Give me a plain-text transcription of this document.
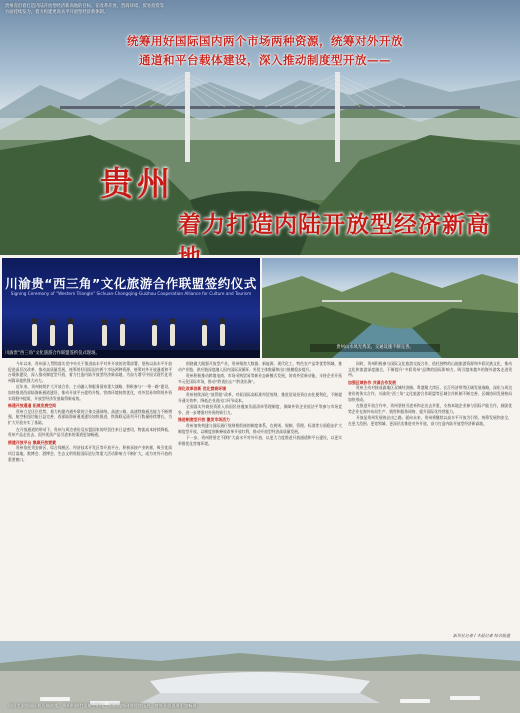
贵州省沿着打造内陆开放型经济新高地的目标，在改革开放、营商环境、贸易投资等方面持续发力，着力构建更高水平开放型经济新体制。
统筹用好国际国内两个市场两种资源，统筹对外开放
通道和平台载体建设，深入推动制度型开放——
贵州
着力打造内陆开放型经济新高
川渝贵“西三角”文化旅游合作联盟签约仪式
Signing Ceremony of “Western Triangle” Sichuan-Chongqing-Guizhou Cooperation Alliance for Culture and Tourism
川渝贵“西三角”文化旅游合作联盟签约仪式现场。
贵州山水风光秀美，交通设施不断完善。

今年以来，贵州深入贯彻落实党中央关于推进高水平对外开放的决策部署，坚持以高水平开放促进深层次改革、推动高质量发展，统筹用好国际国内两个市场两种资源，统筹对外开放通道和平台载体建设，深入推动制度型开放，着力打造内陆开放型经济新高地，为奋力谱写中国式现代化贵州篇章提供强大动力。

近年来，贵州持续扩大开放合作，主动融入和服务国家重大战略，积极参与“一带一路”建设，加快推进西部陆海新通道建设，推动开放平台提档升级，营商环境持续优化，对外贸易和利用外资实现稳中提质，开放型经济发展取得新成效。

畅通开放通道 拓展发展空间

贵州立足区位优势，着力构建内通外联的立体交通网络。高速公路、高速铁路通达能力不断增强，航空枢纽功能日益完善，西部陆海新通道建设加快推进，铁海联运班列开行数量持续增长，为扩大开放夯实了基础。

在开放通道的带动下，贵州与周边省份及东盟国家的经贸往来日益密切，物流成本持续降低，贵州产品走出去、国外优质产品引进来的渠道更加畅通。

搭建开放平台 集聚开放要素

贵州依托贵安新区、综合保税区、经济技术开发区等开放平台，积极承接产业转移，吸引优质项目落地。数博会、酒博会、生态文明贵阳国际论坛等重大活动影响力不断扩大，成为对外开放的重要窗口。

围绕做大做强开放型产业，贵州聚焦大数据、新能源、现代化工、特色农产品等优势领域，推动产业链、供应链深度融入国内国际双循环，外贸主体数量和出口规模稳步提升。

贵州积极推动跨境电商、市场采购贸易等新业态新模式发展，培育外贸新动能，支持企业开拓多元化国际市场，推动“黔货出山”“黔货出海”。

深化改革创新 优化营商环境

贵州持续深化“放管服”改革，对标国际高标准经贸规则，推进贸易投资自由化便利化，不断提升通关效率，降低企业进出口环节成本。

全面落实外商投资准入前国民待遇加负面清单管理制度，保障外资企业依法平等参与市场竞争，进一步增强对外资的吸引力。

推进制度型开放 激发市场活力

贵州加快构建与国际通行规则相衔接的制度体系，在规则、规制、管理、标准等方面稳步扩大制度型开放，以制度创新释放改革开放红利，推动开放型经济高质量发展。

下一步，贵州将坚定不移扩大高水平对外开放，以更大力度推进开放通道和平台建设，以更实举措优化营商环境。

同时，贵州积极参与国际文化旅游交流合作，依托独特的山地旅游资源和多彩民族文化，推动文化和旅游深度融合，不断提升“多彩贵州”品牌的国际影响力，吸引越来越多的海外游客走进贵州。

加强区域协作 共谋合作发展

贵州主动对接成渝地区双城经济圈、粤港澳大湾区、长江经济带等区域发展战略，深化与周边省份的务实合作，川渝贵“西三角”文化旅游合作联盟等区域合作机制不断完善，区域协同发展格局加快形成。

在推进开放合作中，贵州坚持引进来和走出去并重，支持本地企业参与国际产能合作，鼓励优势企业在海外布局生产、销售和服务网络，提升国际化经营能力。

开放是贵州发展的必由之路。面向未来，贵州将继续以高水平开放为引领，统筹发展和安全，在更大范围、更宽领域、更深层次推进对外开放，奋力打造内陆开放型经济新高地。

新华社记者 / 本报记者 综合报道
贵阳龙洞堡国际机场航站楼。贵州积极打造航空枢纽，国际航线网络持续拓展，对外开放通道更加畅通。
